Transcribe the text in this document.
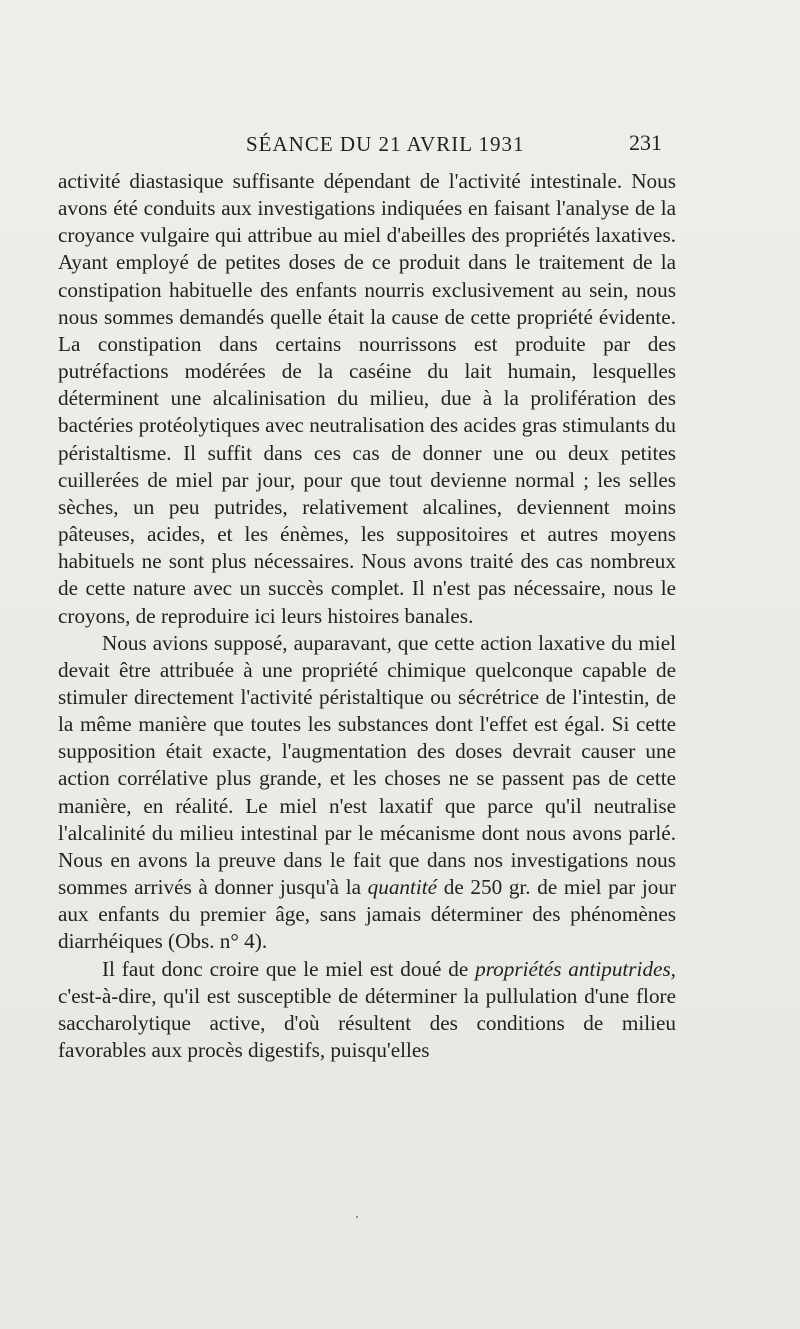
SÉANCE DU 21 AVRIL 1931	231

activité diastasique suffisante dépendant de l'activité intestinale. Nous avons été conduits aux investigations indiquées en faisant l'analyse de la croyance vulgaire qui attribue au miel d'abeilles des propriétés laxatives. Ayant employé de petites doses de ce produit dans le traitement de la constipation habituelle des enfants nourris exclusivement au sein, nous nous sommes demandés quelle était la cause de cette propriété évidente. La constipation dans certains nourrissons est produite par des putréfactions modérées de la caséine du lait humain, lesquelles déterminent une alcalinisation du milieu, due à la prolifération des bactéries protéolytiques avec neutralisation des acides gras stimulants du péristaltisme. Il suffit dans ces cas de donner une ou deux petites cuillerées de miel par jour, pour que tout devienne normal ; les selles sèches, un peu putrides, relativement alcalines, deviennent moins pâteuses, acides, et les énèmes, les suppositoires et autres moyens habituels ne sont plus nécessaires. Nous avons traité des cas nombreux de cette nature avec un succès complet. Il n'est pas nécessaire, nous le croyons, de reproduire ici leurs histoires banales.

Nous avions supposé, auparavant, que cette action laxative du miel devait être attribuée à une propriété chimique quelconque capable de stimuler directement l'activité péristaltique ou sécrétrice de l'intestin, de la même manière que toutes les substances dont l'effet est égal. Si cette supposition était exacte, l'augmentation des doses devrait causer une action corrélative plus grande, et les choses ne se passent pas de cette manière, en réalité. Le miel n'est laxatif que parce qu'il neutralise l'alcalinité du milieu intestinal par le mécanisme dont nous avons parlé. Nous en avons la preuve dans le fait que dans nos investigations nous sommes arrivés à donner jusqu'à la quantité de 250 gr. de miel par jour aux enfants du premier âge, sans jamais déterminer des phénomènes diarrhéiques (Obs. n° 4).

Il faut donc croire que le miel est doué de propriétés antiputrides, c'est-à-dire, qu'il est susceptible de déterminer la pullulation d'une flore saccharolytique active, d'où résultent des conditions de milieu favorables aux procès digestifs, puisqu'elles
